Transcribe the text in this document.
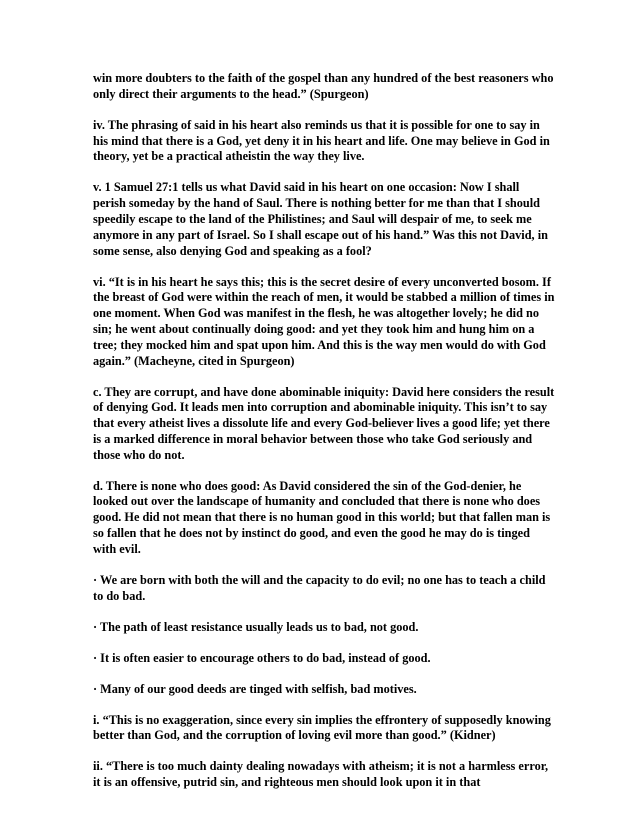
win more doubters to the faith of the gospel than any hundred of the best reasoners who only direct their arguments to the head.” (Spurgeon)

iv. The phrasing of said in his heart also reminds us that it is possible for one to say in his mind that there is a God, yet deny it in his heart and life. One may believe in God in theory, yet be a practical atheistin the way they live.

v. 1 Samuel 27:1 tells us what David said in his heart on one occasion: Now I shall perish someday by the hand of Saul. There is nothing better for me than that I should speedily escape to the land of the Philistines; and Saul will despair of me, to seek me anymore in any part of Israel. So I shall escape out of his hand.” Was this not David, in some sense, also denying God and speaking as a fool?

vi. “It is in his heart he says this; this is the secret desire of every unconverted bosom. If the breast of God were within the reach of men, it would be stabbed a million of times in one moment. When God was manifest in the flesh, he was altogether lovely; he did no sin; he went about continually doing good: and yet they took him and hung him on a tree; they mocked him and spat upon him. And this is the way men would do with God again.” (Macheyne, cited in Spurgeon)

c. They are corrupt, and have done abominable iniquity: David here considers the result of denying God. It leads men into corruption and abominable iniquity. This isn’t to say that every atheist lives a dissolute life and every God-believer lives a good life; yet there is a marked difference in moral behavior between those who take God seriously and those who do not.

d. There is none who does good: As David considered the sin of the God-denier, he looked out over the landscape of humanity and concluded that there is none who does good. He did not mean that there is no human good in this world; but that fallen man is so fallen that he does not by instinct do good, and even the good he may do is tinged with evil.

· We are born with both the will and the capacity to do evil; no one has to teach a child to do bad.

· The path of least resistance usually leads us to bad, not good.

· It is often easier to encourage others to do bad, instead of good.

· Many of our good deeds are tinged with selfish, bad motives.

i. “This is no exaggeration, since every sin implies the effrontery of supposedly knowing better than God, and the corruption of loving evil more than good.” (Kidner)

ii. “There is too much dainty dealing nowadays with atheism; it is not a harmless error, it is an offensive, putrid sin, and righteous men should look upon it in that
